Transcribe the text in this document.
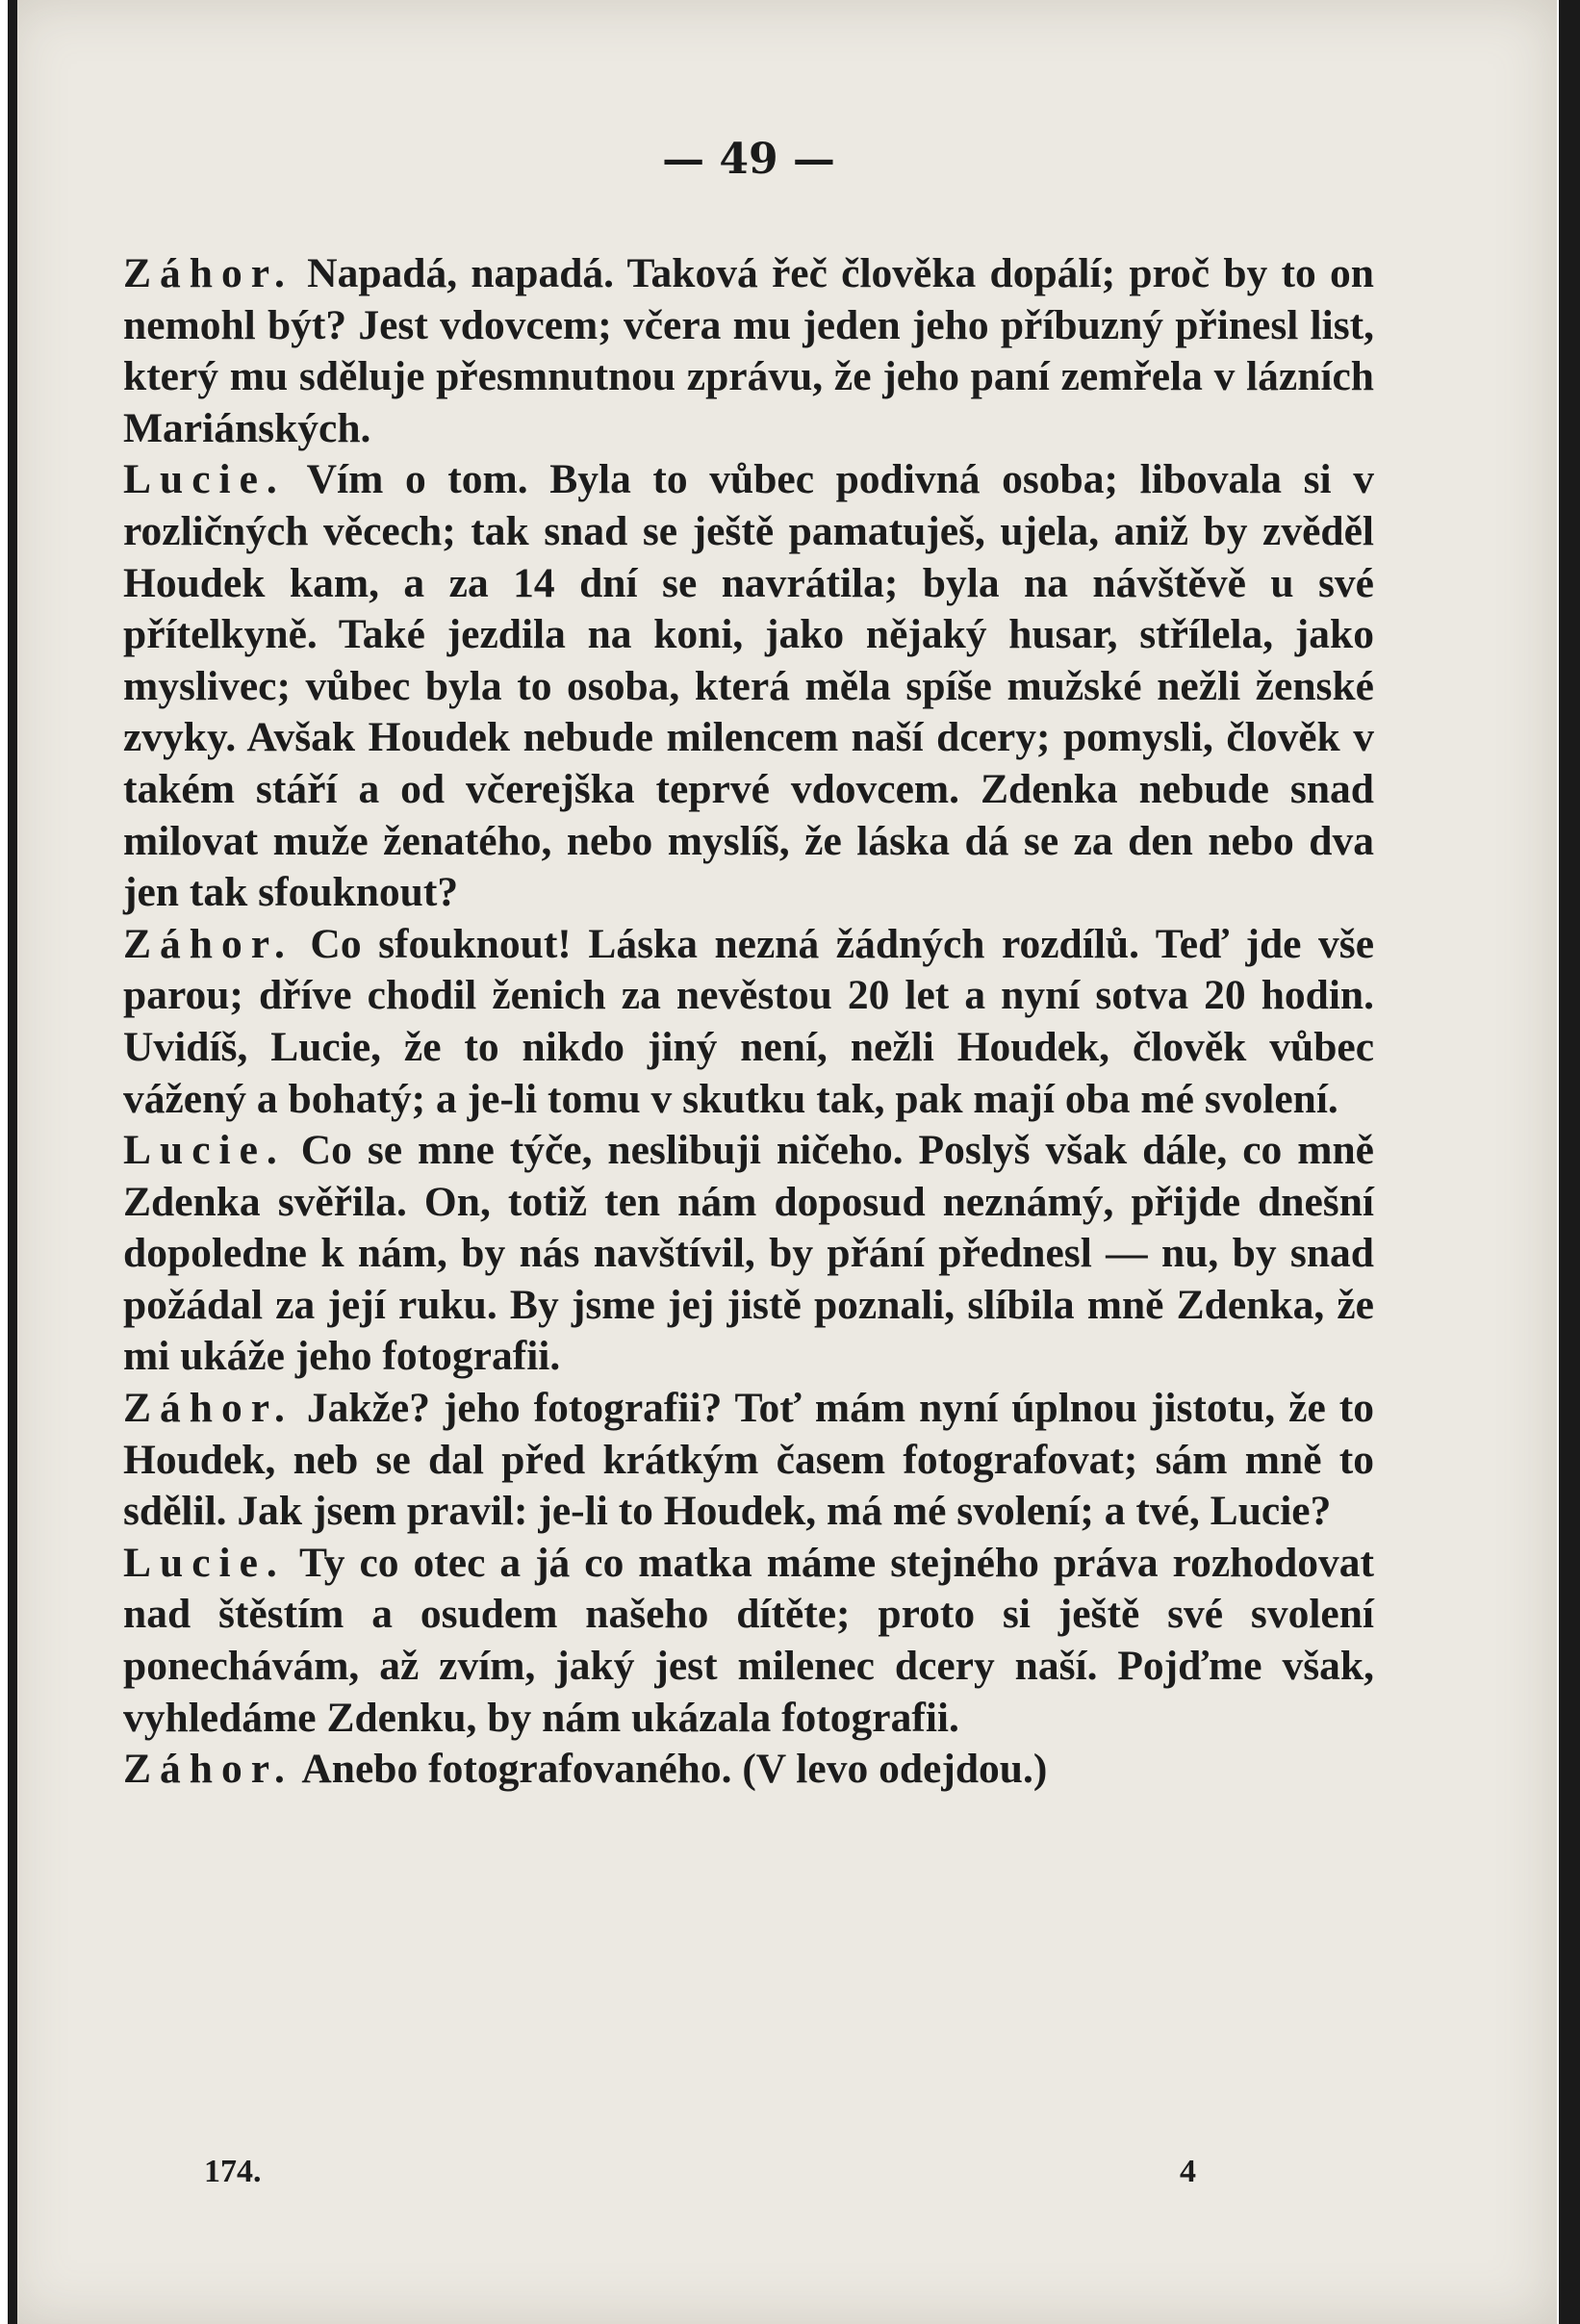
— 49 —

Záhor. Napadá, napadá. Taková řeč člověka dopálí; proč by to on nemohl být? Jest vdovcem; včera mu jeden jeho příbuzný přinesl list, který mu sděluje přesmnutnou zprávu, že jeho paní zemřela v lázních Mariánských.

Lucie. Vím o tom. Byla to vůbec podivná osoba; libovala si v rozličných věcech; tak snad se ještě pamatuješ, ujela, aniž by zvěděl Houdek kam, a za 14 dní se navrátila; byla na návštěvě u své přítelkyně. Také jezdila na koni, jako nějaký husar, střílela, jako myslivec; vůbec byla to osoba, která měla spíše mužské nežli ženské zvyky. Avšak Houdek nebude milencem naší dcery; pomysli, člověk v takém stáří a od včerejška teprvé vdovcem. Zdenka nebude snad milovat muže ženatého, nebo myslíš, že láska dá se za den nebo dva jen tak sfouknout?

Záhor. Co sfouknout! Láska nezná žádných rozdílů. Teď jde vše parou; dříve chodil ženich za nevěstou 20 let a nyní sotva 20 hodin. Uvidíš, Lucie, že to nikdo jiný není, nežli Houdek, člověk vůbec vážený a bohatý; a je-li tomu v skutku tak, pak mají oba mé svolení.

Lucie. Co se mne týče, neslibuji ničeho. Poslyš však dále, co mně Zdenka svěřila. On, totiž ten nám doposud neznámý, přijde dnešní dopoledne k nám, by nás navštívil, by přání přednesl — nu, by snad požádal za její ruku. By jsme jej jistě poznali, slíbila mně Zdenka, že mi ukáže jeho fotografii.

Záhor. Jakže? jeho fotografii? Toť mám nyní úplnou jistotu, že to Houdek, neb se dal před krátkým časem fotografovat; sám mně to sdělil. Jak jsem pravil: je-li to Houdek, má mé svolení; a tvé, Lucie?

Lucie. Ty co otec a já co matka máme stejného práva rozhodovat nad štěstím a osudem našeho dítěte; proto si ještě své svolení ponechávám, až zvím, jaký jest milenec dcery naší. Pojďme však, vyhledáme Zdenku, by nám ukázala fotografii.

Záhor. Anebo fotografovaného. (V levo odejdou.)

174.	4
